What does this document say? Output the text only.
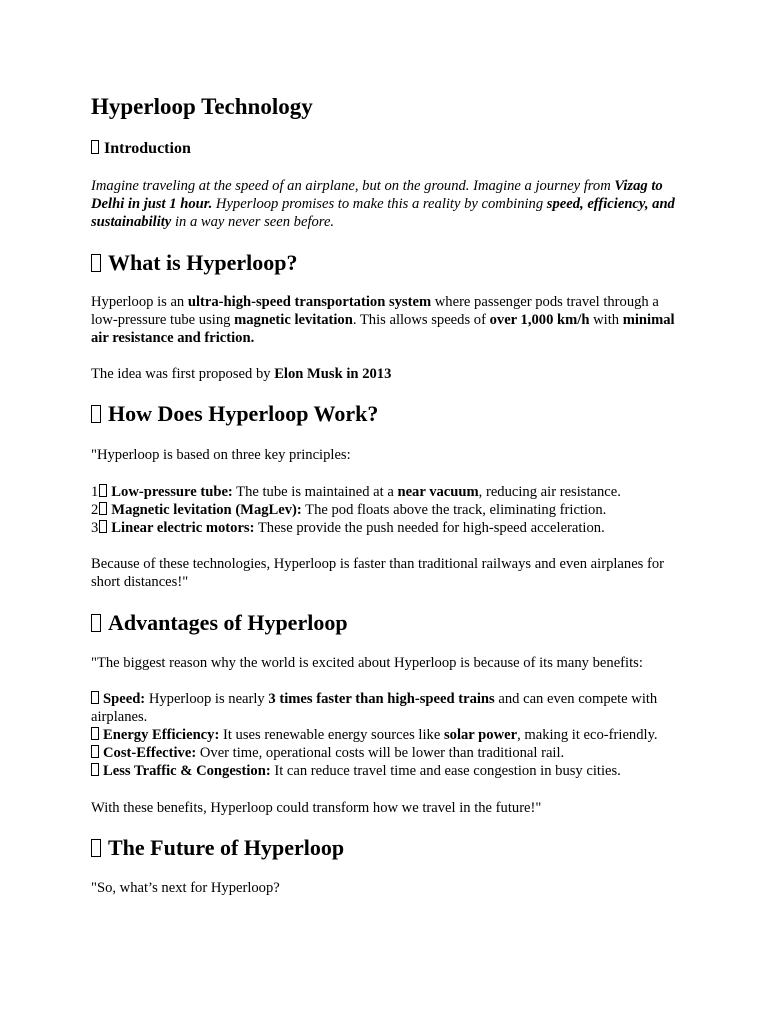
Hyperloop Technology
Introduction

Imagine traveling at the speed of an airplane, but on the ground. Imagine a journey from Vizag to Delhi in just 1 hour. Hyperloop promises to make this a reality by combining speed, efficiency, and sustainability in a way never seen before.

What is Hyperloop?

Hyperloop is an ultra-high-speed transportation system where passenger pods travel through a low-pressure tube using magnetic levitation. This allows speeds of over 1,000 km/h with minimal air resistance and friction.

The idea was first proposed by Elon Musk in 2013

How Does Hyperloop Work?

"Hyperloop is based on three key principles:

1 Low-pressure tube: The tube is maintained at a near vacuum, reducing air resistance.
2 Magnetic levitation (MagLev): The pod floats above the track, eliminating friction.
3 Linear electric motors: These provide the push needed for high-speed acceleration.

Because of these technologies, Hyperloop is faster than traditional railways and even airplanes for short distances!"

Advantages of Hyperloop

"The biggest reason why the world is excited about Hyperloop is because of its many benefits:

Speed: Hyperloop is nearly 3 times faster than high-speed trains and can even compete with airplanes.
Energy Efficiency: It uses renewable energy sources like solar power, making it eco-friendly.
Cost-Effective: Over time, operational costs will be lower than traditional rail.
Less Traffic & Congestion: It can reduce travel time and ease congestion in busy cities.

With these benefits, Hyperloop could transform how we travel in the future!"

The Future of Hyperloop

"So, what’s next for Hyperloop?
